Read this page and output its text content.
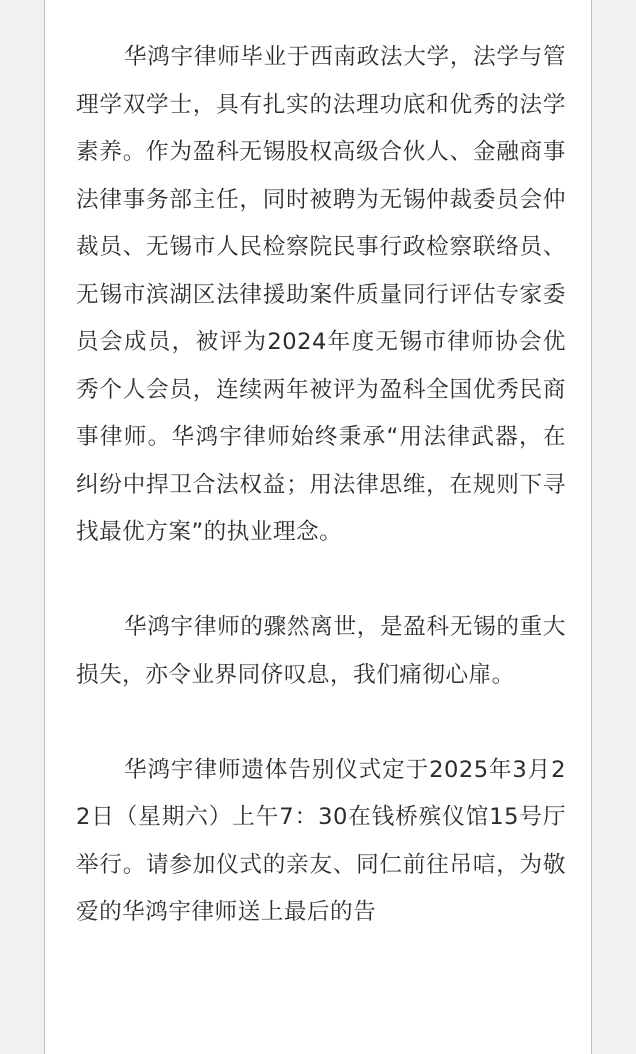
华鸿宇律师毕业于西南政法大学，法学与管理学双学士，具有扎实的法理功底和优秀的法学素养。作为盈科无锡股权高级合伙人、金融商事法律事务部主任，同时被聘为无锡仲裁委员会仲裁员、无锡市人民检察院民事行政检察联络员、无锡市滨湖区法律援助案件质量同行评估专家委员会成员，被评为2024年度无锡市律师协会优秀个人会员，连续两年被评为盈科全国优秀民商事律师。华鸿宇律师始终秉承“用法律武器，在纠纷中捍卫合法权益；用法律思维，在规则下寻找最优方案”的执业理念。

华鸿宇律师的骤然离世，是盈科无锡的重大损失，亦令业界同侪叹息，我们痛彻心扉。

华鸿宇律师遗体告别仪式定于2025年3月22日（星期六）上午7：30在钱桥殡仪馆15号厅举行。请参加仪式的亲友、同仁前往吊唁，为敬爱的华鸿宇律师送上最后的告
